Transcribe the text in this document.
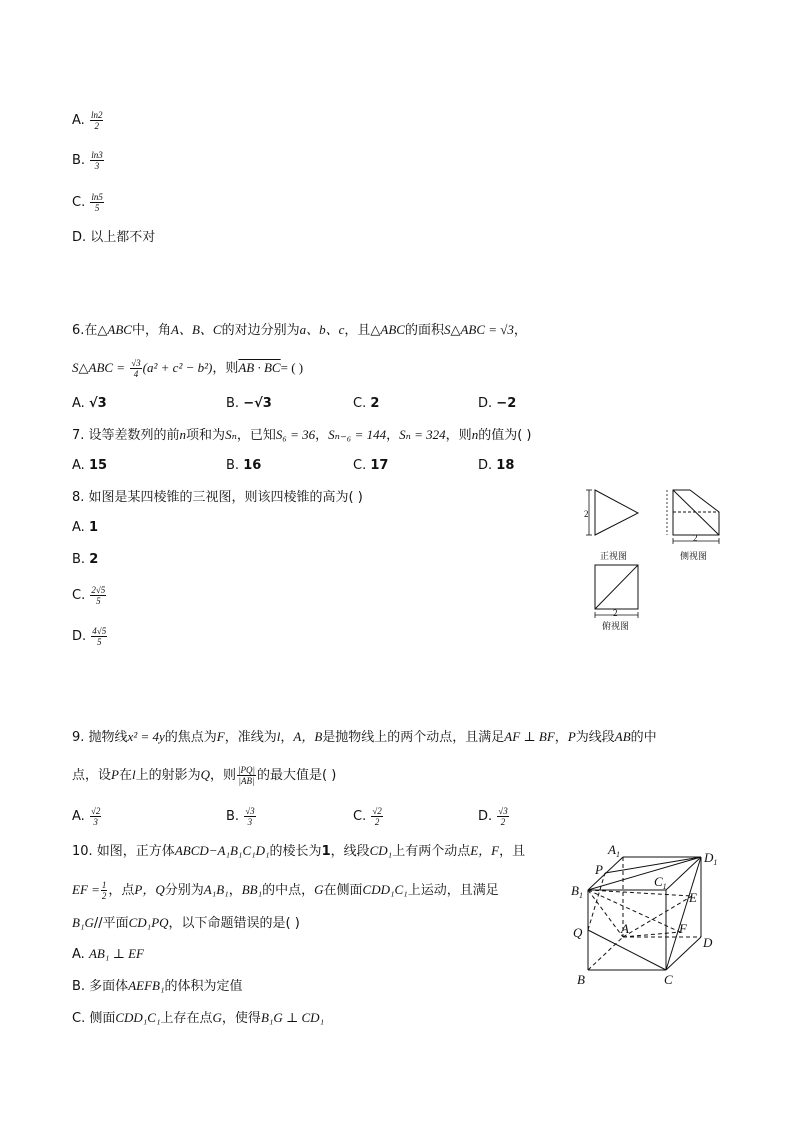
A. $\frac{\ln 2}{2}$
B. $\frac{\ln 3}{3}$
C. $\frac{\ln 5}{5}$
D. 以上都不对
6.在△ABC中，角A、B、C的对边分别为a、b、c，且△ABC的面积S△ABC = √3，
S△ABC = $\frac{√3}{4} (a^2 + c^2 - b^2)$，则AB · BC= ( )
A. √3	B. −√3	C. 2	D. −2
7. 设等差数列的前n项和为Sₙ，已知S₆ = 36，Sₙ₋₆ = 144，Sₙ = 324，则n的值为( )
A. 15	B. 16	C. 17	D. 18
8. 如图是某四棱锥的三视图，则该四棱锥的高为( )
A. 1
B. 2
C. $\frac{2√5}{5}$
D. $\frac{4√5}{5}$
2
正视图
2
侧视图
2
俯视图
9. 抛物线x² = 4y的焦点为F，准线为l，A，B是抛物线上的两个动点，且满足AF ⊥ BF，P为线段AB的中
点，设P在l上的射影为Q，则 $\frac{|PQ|}{|AB|}$ 的最大值是( )
A. $\frac{√2}{3}$	B. $\frac{√3}{3}$	C. $\frac{√2}{2}$	D. $\frac{√3}{2}$
10. 如图，正方体ABCD−A₁B₁C₁D₁的棱长为1，线段CD₁上有两个动点E，F，且
EF = $\frac{1}{2}$ ，点P，Q分别为A₁B₁，BB₁的中点，G在侧面CDD₁C₁上运动，且满足
B₁G//平面CD₁PQ，以下命题错误的是( )
A. AB₁ ⊥ EF
B. 多面体AEFB₁的体积为定值
C. 侧面CDD₁C₁上存在点G，使得B₁G ⊥ CD₁
$A_1$	$D_1$
P
$C_1$
$B_1$	E
Q	A	F
D
B	C
